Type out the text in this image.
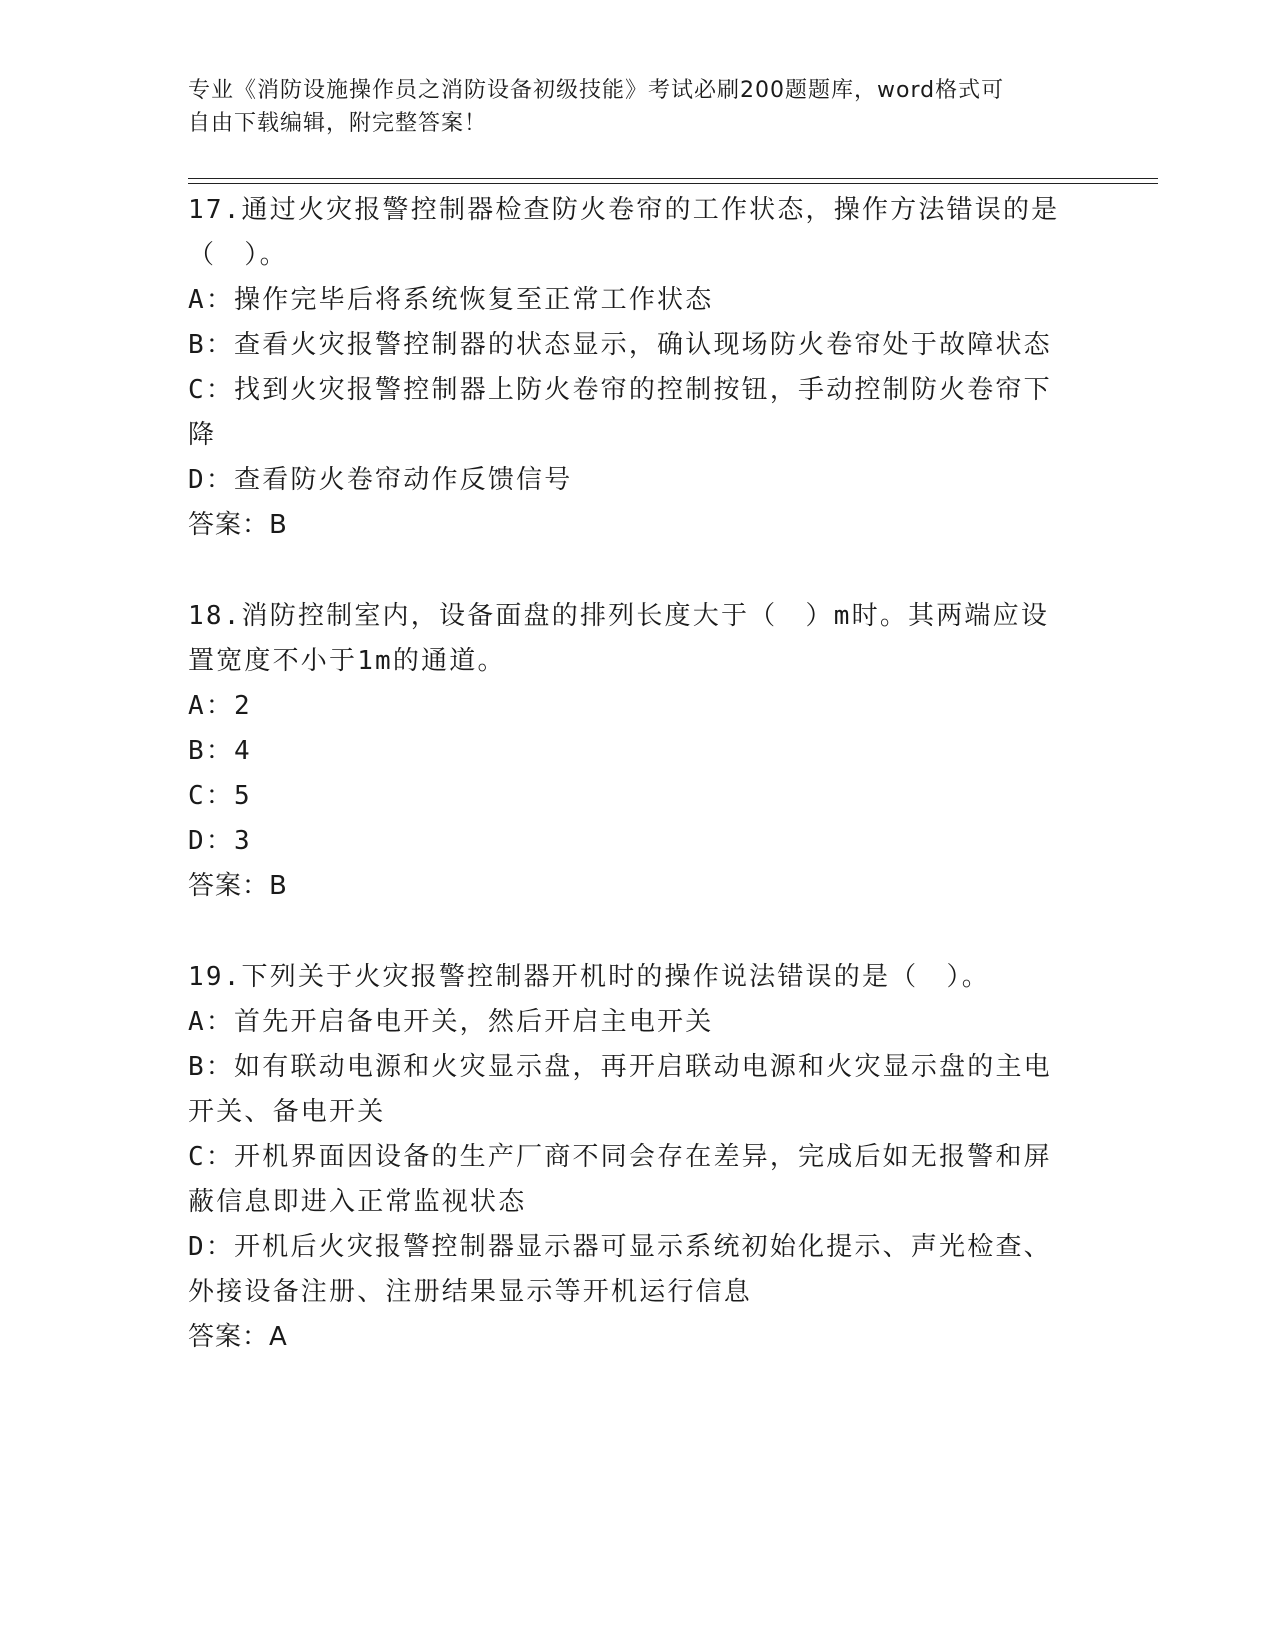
专业《消防设施操作员之消防设备初级技能》考试必刷200题题库，word格式可
自由下载编辑，附完整答案！
17.通过火灾报警控制器检查防火卷帘的工作状态，操作方法错误的是
（　）。
A：操作完毕后将系统恢复至正常工作状态
B：查看火灾报警控制器的状态显示，确认现场防火卷帘处于故障状态
C：找到火灾报警控制器上防火卷帘的控制按钮，手动控制防火卷帘下
降
D：查看防火卷帘动作反馈信号
答案：B
18.消防控制室内，设备面盘的排列长度大于（　）m时。其两端应设
置宽度不小于1m的通道。
A：2
B：4
C：5
D：3
答案：B
19.下列关于火灾报警控制器开机时的操作说法错误的是（　）。
A：首先开启备电开关，然后开启主电开关
B：如有联动电源和火灾显示盘，再开启联动电源和火灾显示盘的主电
开关、备电开关
C：开机界面因设备的生产厂商不同会存在差异，完成后如无报警和屏
蔽信息即进入正常监视状态
D：开机后火灾报警控制器显示器可显示系统初始化提示、声光检查、
外接设备注册、注册结果显示等开机运行信息
答案：A
